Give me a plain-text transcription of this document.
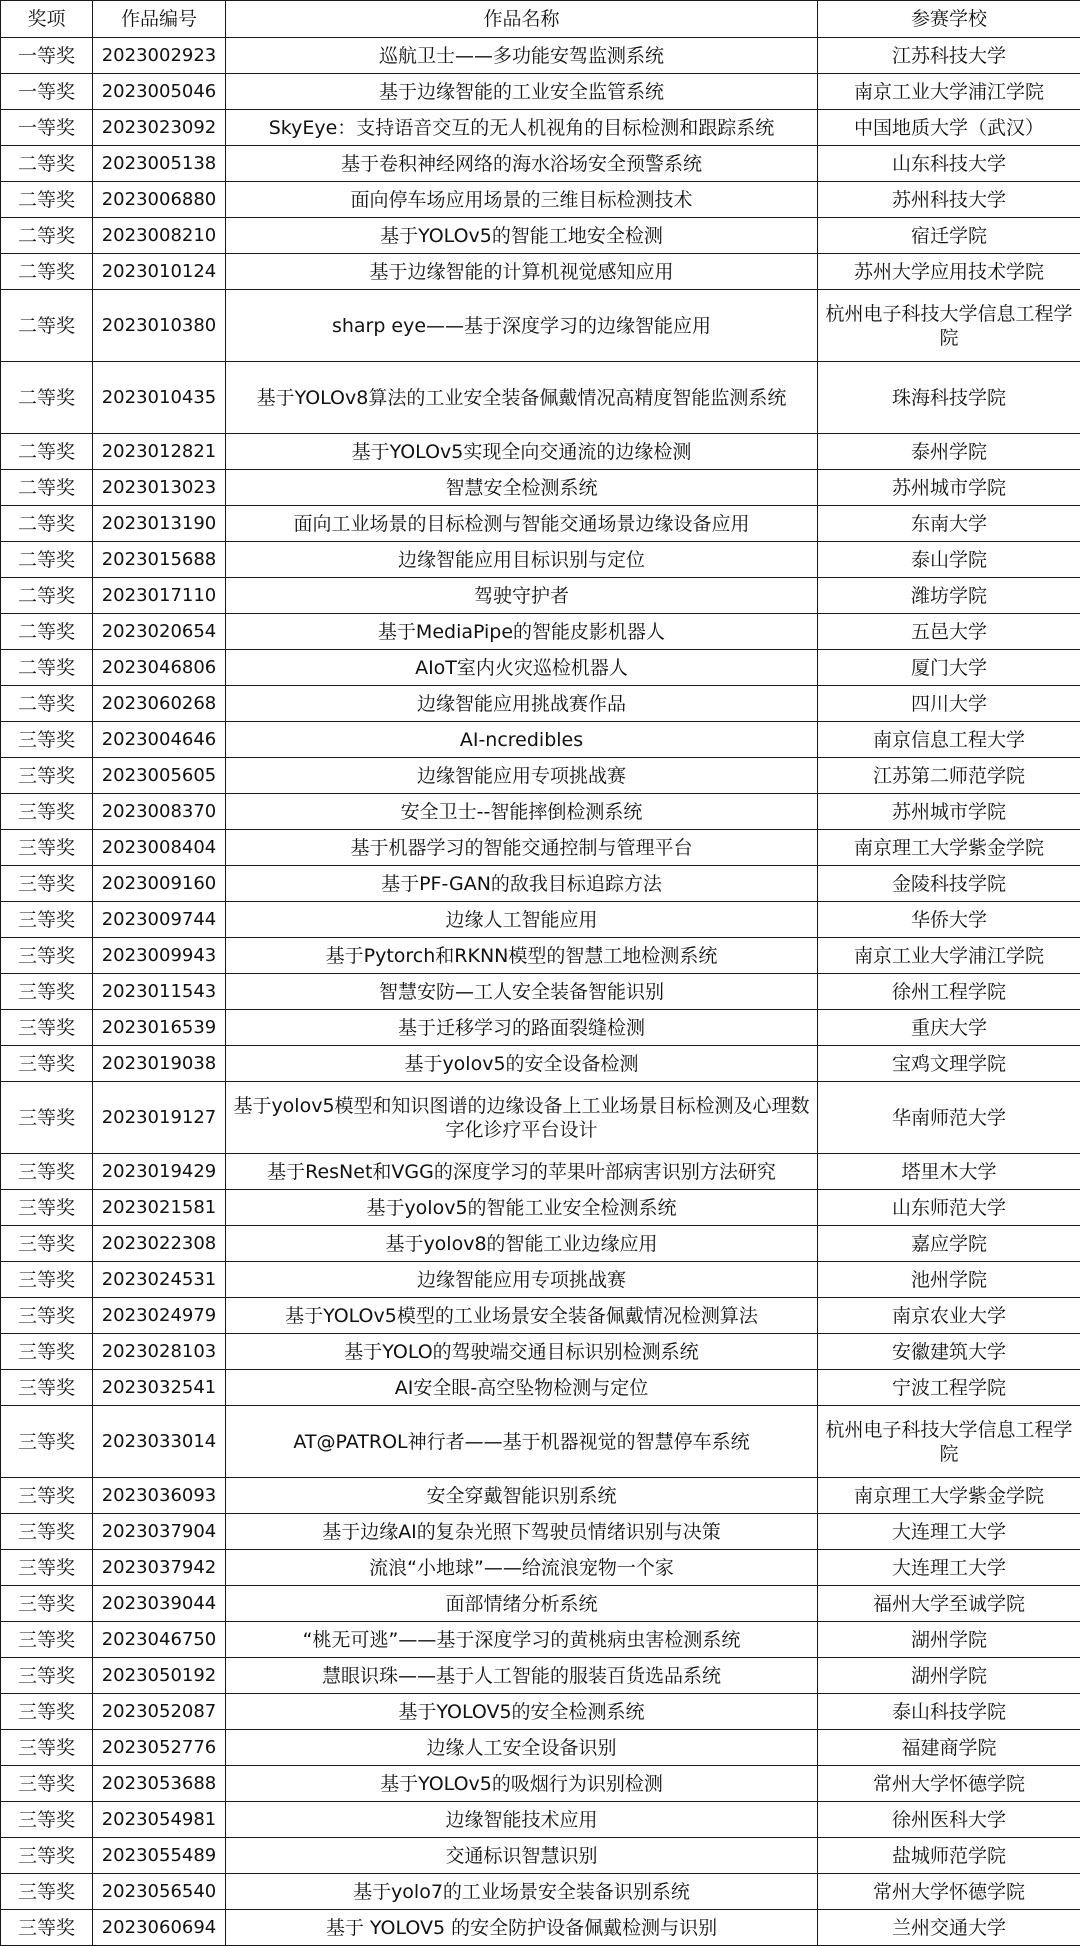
奖项	作品编号	作品名称	参赛学校
一等奖	2023002923	巡航卫士——多功能安驾监测系统	江苏科技大学
一等奖	2023005046	基于边缘智能的工业安全监管系统	南京工业大学浦江学院
一等奖	2023023092	SkyEye：支持语音交互的无人机视角的目标检测和跟踪系统	中国地质大学（武汉）
二等奖	2023005138	基于卷积神经网络的海水浴场安全预警系统	山东科技大学
二等奖	2023006880	面向停车场应用场景的三维目标检测技术	苏州科技大学
二等奖	2023008210	基于YOLOv5的智能工地安全检测	宿迁学院
二等奖	2023010124	基于边缘智能的计算机视觉感知应用	苏州大学应用技术学院
二等奖	2023010380	sharp eye——基于深度学习的边缘智能应用	杭州电子科技大学信息工程学院
二等奖	2023010435	基于YOLOv8算法的工业安全装备佩戴情况高精度智能监测系统	珠海科技学院
二等奖	2023012821	基于YOLOv5实现全向交通流的边缘检测	泰州学院
二等奖	2023013023	智慧安全检测系统	苏州城市学院
二等奖	2023013190	面向工业场景的目标检测与智能交通场景边缘设备应用	东南大学
二等奖	2023015688	边缘智能应用目标识别与定位	泰山学院
二等奖	2023017110	驾驶守护者	潍坊学院
二等奖	2023020654	基于MediaPipe的智能皮影机器人	五邑大学
二等奖	2023046806	AIoT室内火灾巡检机器人	厦门大学
二等奖	2023060268	边缘智能应用挑战赛作品	四川大学
三等奖	2023004646	AI-ncredibles	南京信息工程大学
三等奖	2023005605	边缘智能应用专项挑战赛	江苏第二师范学院
三等奖	2023008370	安全卫士--智能摔倒检测系统	苏州城市学院
三等奖	2023008404	基于机器学习的智能交通控制与管理平台	南京理工大学紫金学院
三等奖	2023009160	基于PF-GAN的敌我目标追踪方法	金陵科技学院
三等奖	2023009744	边缘人工智能应用	华侨大学
三等奖	2023009943	基于Pytorch和RKNN模型的智慧工地检测系统	南京工业大学浦江学院
三等奖	2023011543	智慧安防—工人安全装备智能识别	徐州工程学院
三等奖	2023016539	基于迁移学习的路面裂缝检测	重庆大学
三等奖	2023019038	基于yolov5的安全设备检测	宝鸡文理学院
三等奖	2023019127	基于yolov5模型和知识图谱的边缘设备上工业场景目标检测及心理数字化诊疗平台设计	华南师范大学
三等奖	2023019429	基于ResNet和VGG的深度学习的苹果叶部病害识别方法研究	塔里木大学
三等奖	2023021581	基于yolov5的智能工业安全检测系统	山东师范大学
三等奖	2023022308	基于yolov8的智能工业边缘应用	嘉应学院
三等奖	2023024531	边缘智能应用专项挑战赛	池州学院
三等奖	2023024979	基于YOLOv5模型的工业场景安全装备佩戴情况检测算法	南京农业大学
三等奖	2023028103	基于YOLO的驾驶端交通目标识别检测系统	安徽建筑大学
三等奖	2023032541	AI安全眼-高空坠物检测与定位	宁波工程学院
三等奖	2023033014	AT@PATROL神行者——基于机器视觉的智慧停车系统	杭州电子科技大学信息工程学院
三等奖	2023036093	安全穿戴智能识别系统	南京理工大学紫金学院
三等奖	2023037904	基于边缘AI的复杂光照下驾驶员情绪识别与决策	大连理工大学
三等奖	2023037942	流浪“小地球”——给流浪宠物一个家	大连理工大学
三等奖	2023039044	面部情绪分析系统	福州大学至诚学院
三等奖	2023046750	“桃无可逃”——基于深度学习的黄桃病虫害检测系统	湖州学院
三等奖	2023050192	慧眼识珠——基于人工智能的服装百货选品系统	湖州学院
三等奖	2023052087	基于YOLOV5的安全检测系统	泰山科技学院
三等奖	2023052776	边缘人工安全设备识别	福建商学院
三等奖	2023053688	基于YOLOv5的吸烟行为识别检测	常州大学怀德学院
三等奖	2023054981	边缘智能技术应用	徐州医科大学
三等奖	2023055489	交通标识智慧识别	盐城师范学院
三等奖	2023056540	基于yolo7的工业场景安全装备识别系统	常州大学怀德学院
三等奖	2023060694	基于 YOLOV5 的安全防护设备佩戴检测与识别	兰州交通大学
